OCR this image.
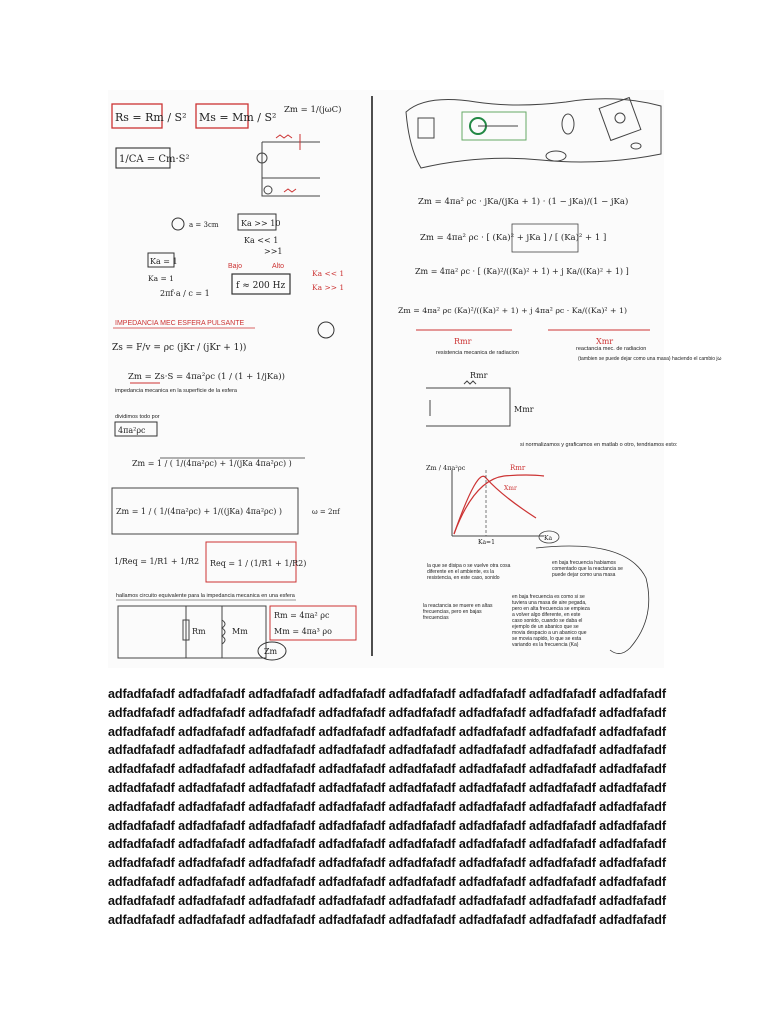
Rs = Rm / S² Ms = Mm / S²
Zm = 1/(jωC)
1/CA = Cm·S²
a = 3cm	Ka >> 10
Ka << 1
>>1
Ka = 1
Ka = 1
2πf·a / c = 1
Bajo	Alto
f ≈ 200 Hz
Ka << 1
Ka >> 1
IMPEDANCIA MEC ESFERA PULSANTE
Zs = F/v = ρc (jKr / (jKr + 1))
Zm = Zs·S = 4πa²ρc (1 / (1 + 1/jKa))
impedancia mecanica en la superficie de la esfera
dividimos todo por
4πa²ρc
Zm = 1 / ( 1/(4πa²ρc) + 1/(jKa 4πa²ρc) )
Zm = 1 / ( 1/(4πa²ρc) + 1/((jKa) 4πa²ρc) )	ω = 2πf
1/Req = 1/R1 + 1/R2 Req = 1 / (1/R1 + 1/R2)
hallamos circuito equivalente para la impedancia mecanica en una esfera
Rm	Mm
Rm = 4πa² ρc
Mm = 4πa³ ρo
Zm
Zm = 4πa² ρc · jKa/(jKa + 1) · (1 − jKa)/(1 − jKa)
Zm = 4πa² ρc · [ (Ka)² + jKa ] / [ (Ka)² + 1 ]
Zm = 4πa² ρc · [ (Ka)²/((Ka)² + 1) + j Ka/((Ka)² + 1) ]
Zm = 4πa² ρc (Ka)²/((Ka)² + 1) + j 4πa² ρc · Ka/((Ka)² + 1)
Rmr	Xmr
resistencia mecanica de radiacion
reactancia mec. de radiacion
(tambien se puede dejar como una masa) haciendo el cambio jω
Rmr
Mmr
si normalizamos y graficamos en matlab o otro, tendriamos esto:
Zm / 4πa²ρc	Rmr
Xmr
Ka=1
Ka
la que se disipa o se vuelve otra cosa diferente en el ambiente, es la resistencia, en este caso, sonido
en baja frecuencia habiamos comentado que la reactancia se puede dejar como una masa
la reactancia se muere en altas frecuencias, pero en bajas frecuencias
en baja frecuencia es como si se tuviera una masa de aire pegada, pero en alta frecuencia se empieza a volver algo diferente, en este caso sonido, cuando se daba el ejemplo de un abanico que se movia despacio a un abanico que se movia rapido, lo que se esta variando es la frecuencia (Ka)
adfadfafadf adfadfafadf adfadfafadf adfadfafadf adfadfafadf adfadfafadf adfadfafadf adfadfafadf
adfadfafadf adfadfafadf adfadfafadf adfadfafadf adfadfafadf adfadfafadf adfadfafadf adfadfafadf
adfadfafadf adfadfafadf adfadfafadf adfadfafadf adfadfafadf adfadfafadf adfadfafadf adfadfafadf
adfadfafadf adfadfafadf adfadfafadf adfadfafadf adfadfafadf adfadfafadf adfadfafadf adfadfafadf
adfadfafadf adfadfafadf adfadfafadf adfadfafadf adfadfafadf adfadfafadf adfadfafadf adfadfafadf
adfadfafadf adfadfafadf adfadfafadf adfadfafadf adfadfafadf adfadfafadf adfadfafadf adfadfafadf
adfadfafadf adfadfafadf adfadfafadf adfadfafadf adfadfafadf adfadfafadf adfadfafadf adfadfafadf
adfadfafadf adfadfafadf adfadfafadf adfadfafadf adfadfafadf adfadfafadf adfadfafadf adfadfafadf
adfadfafadf adfadfafadf adfadfafadf adfadfafadf adfadfafadf adfadfafadf adfadfafadf adfadfafadf
adfadfafadf adfadfafadf adfadfafadf adfadfafadf adfadfafadf adfadfafadf adfadfafadf adfadfafadf
adfadfafadf adfadfafadf adfadfafadf adfadfafadf adfadfafadf adfadfafadf adfadfafadf adfadfafadf
adfadfafadf adfadfafadf adfadfafadf adfadfafadf adfadfafadf adfadfafadf adfadfafadf adfadfafadf
adfadfafadf adfadfafadf adfadfafadf adfadfafadf adfadfafadf adfadfafadf adfadfafadf adfadfafadf
